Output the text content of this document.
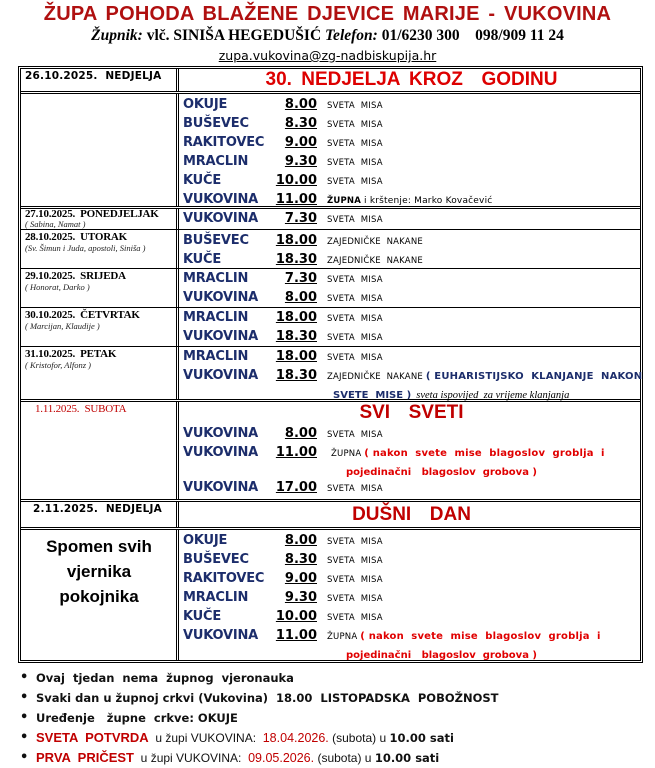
ŽUPA POHODA BLAŽENE DJEVICE MARIJE - VUKOVINA
Župnik: vlč. SINIŠA HEGEDUŠIĆ Telefon: 01/6230 300    098/909 11 24
zupa.vukovina@zg-nadbiskupija.hr
26.10.2025.  NEDJELJA	30. NEDJELJA KROZ  GODINU
OKUJE	8.00	SVETA  MISA
BUŠEVEC	8.30	SVETA  MISA
RAKITOVEC	9.00	SVETA  MISA
MRACLIN	9.30	SVETA  MISA
KUČE	10.00	SVETA  MISA
VUKOVINA	11.00	ŽUPNA i krštenje: Marko Kovačević
27.10.2025.  PONEDJELJAK
( Sabina, Namat )	VUKOVINA	7.30	SVETA  MISA
28.10.2025.  UTORAK
(Sv. Šimun i Juda, apostoli, Siniša )	BUŠEVEC	18.00	ZAJEDNIČKE  NAKANE
KUČE	18.30	ZAJEDNIČKE  NAKANE
29.10.2025.  SRIJEDA
( Honorat, Darko )
MRACLIN	7.30	SVETA  MISA
VUKOVINA	8.00	SVETA  MISA
30.10.2025.  ČETVRTAK
( Marcijan, Klaudije )
MRACLIN	18.00	SVETA  MISA
VUKOVINA	18.30	SVETA  MISA
31.10.2025.  PETAK
( Kristofor, Alfonz )
MRACLIN	18.00	SVETA  MISA
VUKOVINA	18.30	ZAJEDNIČKE  NAKANE ( EUHARISTIJSKO  KLANJANJE  NAKON
SVETE  MISE ) sveta ispovijed  za vrijeme klanjanja
1.11.2025.  SUBOTA	SVI  SVETI
VUKOVINA	8.00	SVETA  MISA
VUKOVINA	11.00	ŽUPNA ( nakon  svete  mise  blagoslov  groblja  i
pojedinačni   blagoslov  grobova )
VUKOVINA	17.00	SVETA  MISA
2.11.2025.  NEDJELJA	DUŠNI  DAN
Spomen svih
vjernika
pokojnika
OKUJE	8.00	SVETA  MISA
BUŠEVEC	8.30	SVETA  MISA
RAKITOVEC	9.00	SVETA  MISA
MRACLIN	9.30	SVETA  MISA
KUČE	10.00	SVETA  MISA
VUKOVINA	11.00	ŽUPNA ( nakon  svete  mise  blagoslov  groblja  i
pojedinačni   blagoslov  grobova )
• Ovaj  tjedan  nema  župnog  vjeronauka
• Svaki dan u župnoj crkvi (Vukovina)  18.00  LISTOPADSKA  POBOŽNOST
• Uređenje   župne  crkve: OKUJE
• SVETA  POTVRDA  u župi VUKOVINA:  18.04.2026. (subota) u 10.00 sati
• PRVA  PRIČEST  u župi VUKOVINA:  09.05.2026. (subota) u 10.00 sati
